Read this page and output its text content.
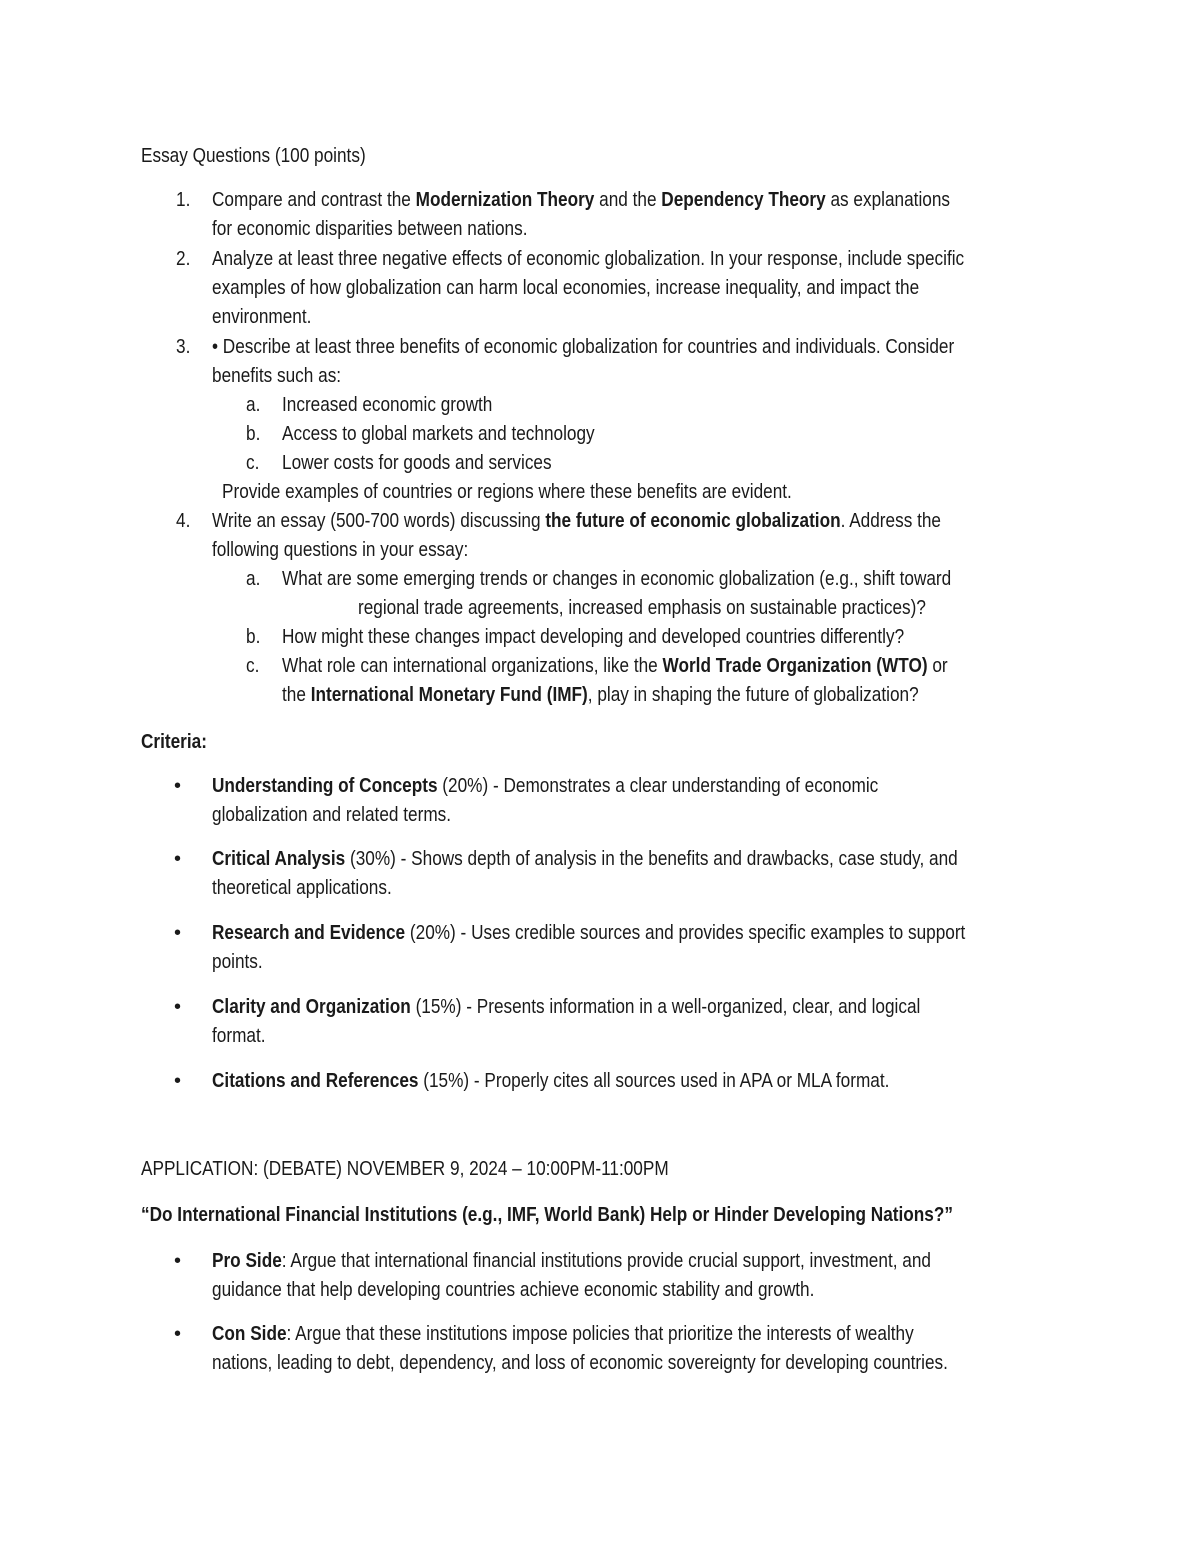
Essay Questions (100 points)
1. Compare and contrast the Modernization Theory and the Dependency Theory as explanations
for economic disparities between nations.
2. Analyze at least three negative effects of economic globalization. In your response, include specific
examples of how globalization can harm local economies, increase inequality, and impact the
environment.
3. • Describe at least three benefits of economic globalization for countries and individuals. Consider
benefits such as:
a. Increased economic growth
b. Access to global markets and technology
c. Lower costs for goods and services
Provide examples of countries or regions where these benefits are evident.
4. Write an essay (500-700 words) discussing the future of economic globalization. Address the
following questions in your essay:
a. What are some emerging trends or changes in economic globalization (e.g., shift toward
regional trade agreements, increased emphasis on sustainable practices)?
b. How might these changes impact developing and developed countries differently?
c. What role can international organizations, like the World Trade Organization (WTO) or
the International Monetary Fund (IMF), play in shaping the future of globalization?
Criteria:
• Understanding of Concepts (20%) - Demonstrates a clear understanding of economic
globalization and related terms.
• Critical Analysis (30%) - Shows depth of analysis in the benefits and drawbacks, case study, and
theoretical applications.
• Research and Evidence (20%) - Uses credible sources and provides specific examples to support
points.
• Clarity and Organization (15%) - Presents information in a well-organized, clear, and logical
format.
• Citations and References (15%) - Properly cites all sources used in APA or MLA format.
APPLICATION: (DEBATE) NOVEMBER 9, 2024 – 10:00PM-11:00PM
“Do International Financial Institutions (e.g., IMF, World Bank) Help or Hinder Developing Nations?”
• Pro Side: Argue that international financial institutions provide crucial support, investment, and
guidance that help developing countries achieve economic stability and growth.
• Con Side: Argue that these institutions impose policies that prioritize the interests of wealthy
nations, leading to debt, dependency, and loss of economic sovereignty for developing countries.
